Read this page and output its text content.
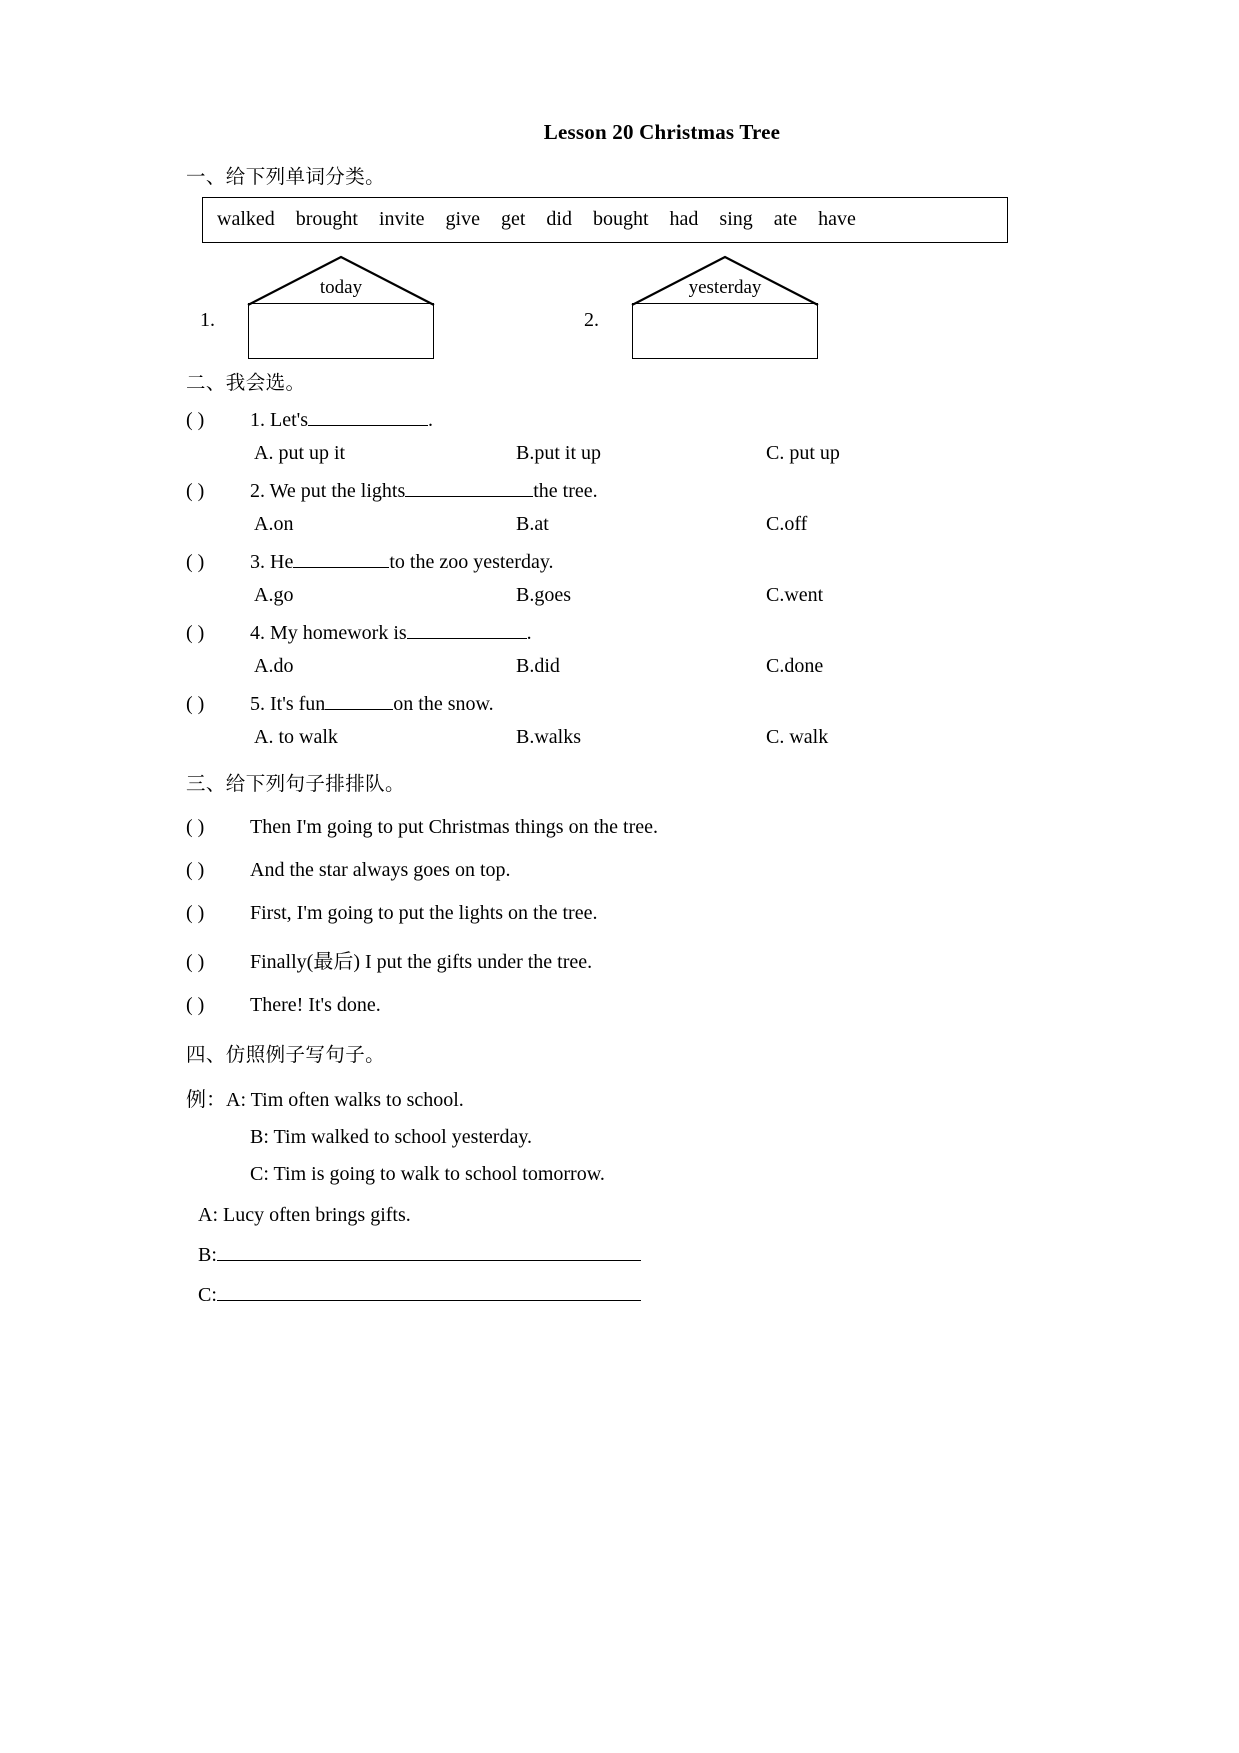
Lesson 20 Christmas Tree
一、给下列单词分类。
walked brought invite give get did bought had sing ate have
1.
today
2.
yesterday
二、我会选。
( ) 1. Let's	.
A. put up it	B.put it up	C. put up
( ) 2. We put the lights	the tree.
A.on	B.at	C.off
( ) 3. He	to the zoo yesterday.
A.go	B.goes	C.went
( ) 4. My homework is	.
A.do	B.did	C.done
( ) 5. It's fun	on the snow.
A. to walk	B.walks	C. walk
三、给下列句子排排队。
( ) Then I'm going to put Christmas things on the tree.
( ) And the star always goes on top.
( ) First, I'm going to put the lights on the tree.
( ) Finally(最后) I put the gifts under the tree.
( ) There! It's done.
四、仿照例子写句子。
例：A: Tim often walks to school.
B: Tim walked to school yesterday.
C: Tim is going to walk to school tomorrow.
A: Lucy often brings gifts.
B:
C:
